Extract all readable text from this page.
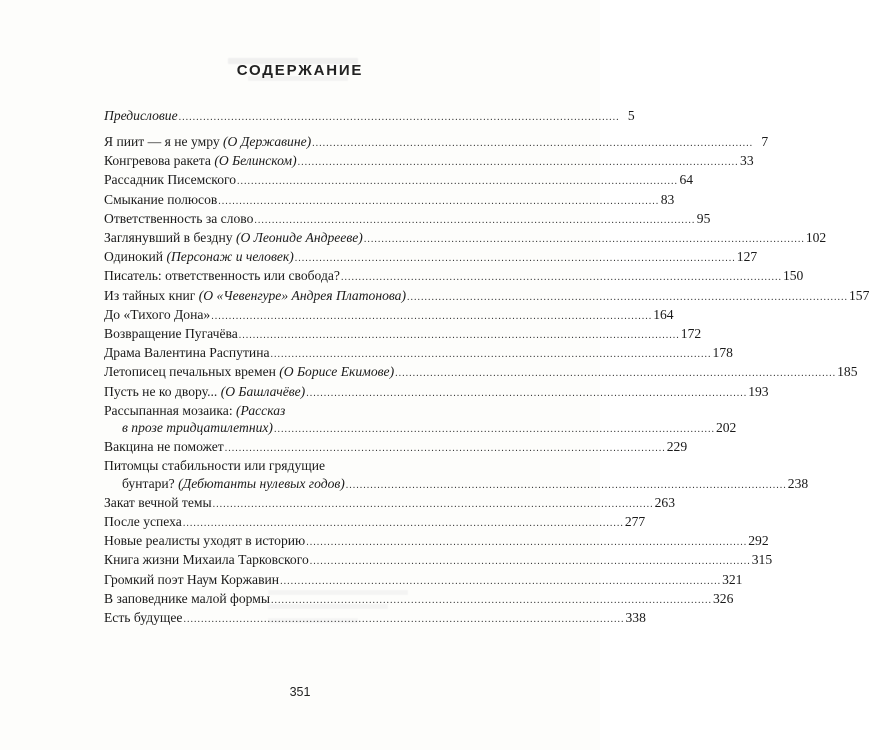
СОДЕРЖАНИЕ
Предисловие .............................................................................................................................. 5
Я пиит — я не умру (О Державине) .............................................................................................................................. 7
Конгревова ракета (О Белинском) .............................................................................................................................. 33
Рассадник Писемского .............................................................................................................................. 64
Смыкание полюсов .............................................................................................................................. 83
Ответственность за слово .............................................................................................................................. 95
Заглянувший в бездну (О Леониде Андрееве) .............................................................................................................................. 102
Одинокий (Персонаж и человек) .............................................................................................................................. 127
Писатель: ответственность или свобода? .............................................................................................................................. 150
Из тайных книг (О «Чевенгуре» Андрея Платонова) .............................................................................................................................. 157
До «Тихого Дона» .............................................................................................................................. 164
Возвращение Пугачёва .............................................................................................................................. 172
Драма Валентина Распутина .............................................................................................................................. 178
Летописец печальных времен (О Борисе Екимове) .............................................................................................................................. 185
Пусть не ко двору... (О Башлачёве) .............................................................................................................................. 193
Рассыпанная мозаика: (Рассказ
в прозе тридцатилетних) .............................................................................................................................. 202
Вакцина не поможет .............................................................................................................................. 229
Питомцы стабильности или грядущие
бунтари? (Дебютанты нулевых годов) .............................................................................................................................. 238
Закат вечной темы .............................................................................................................................. 263
После успеха .............................................................................................................................. 277
Новые реалисты уходят в историю .............................................................................................................................. 292
Книга жизни Михаила Тарковского .............................................................................................................................. 315
Громкий поэт Наум Коржавин .............................................................................................................................. 321
В заповеднике малой формы .............................................................................................................................. 326
Есть будущее .............................................................................................................................. 338
351
